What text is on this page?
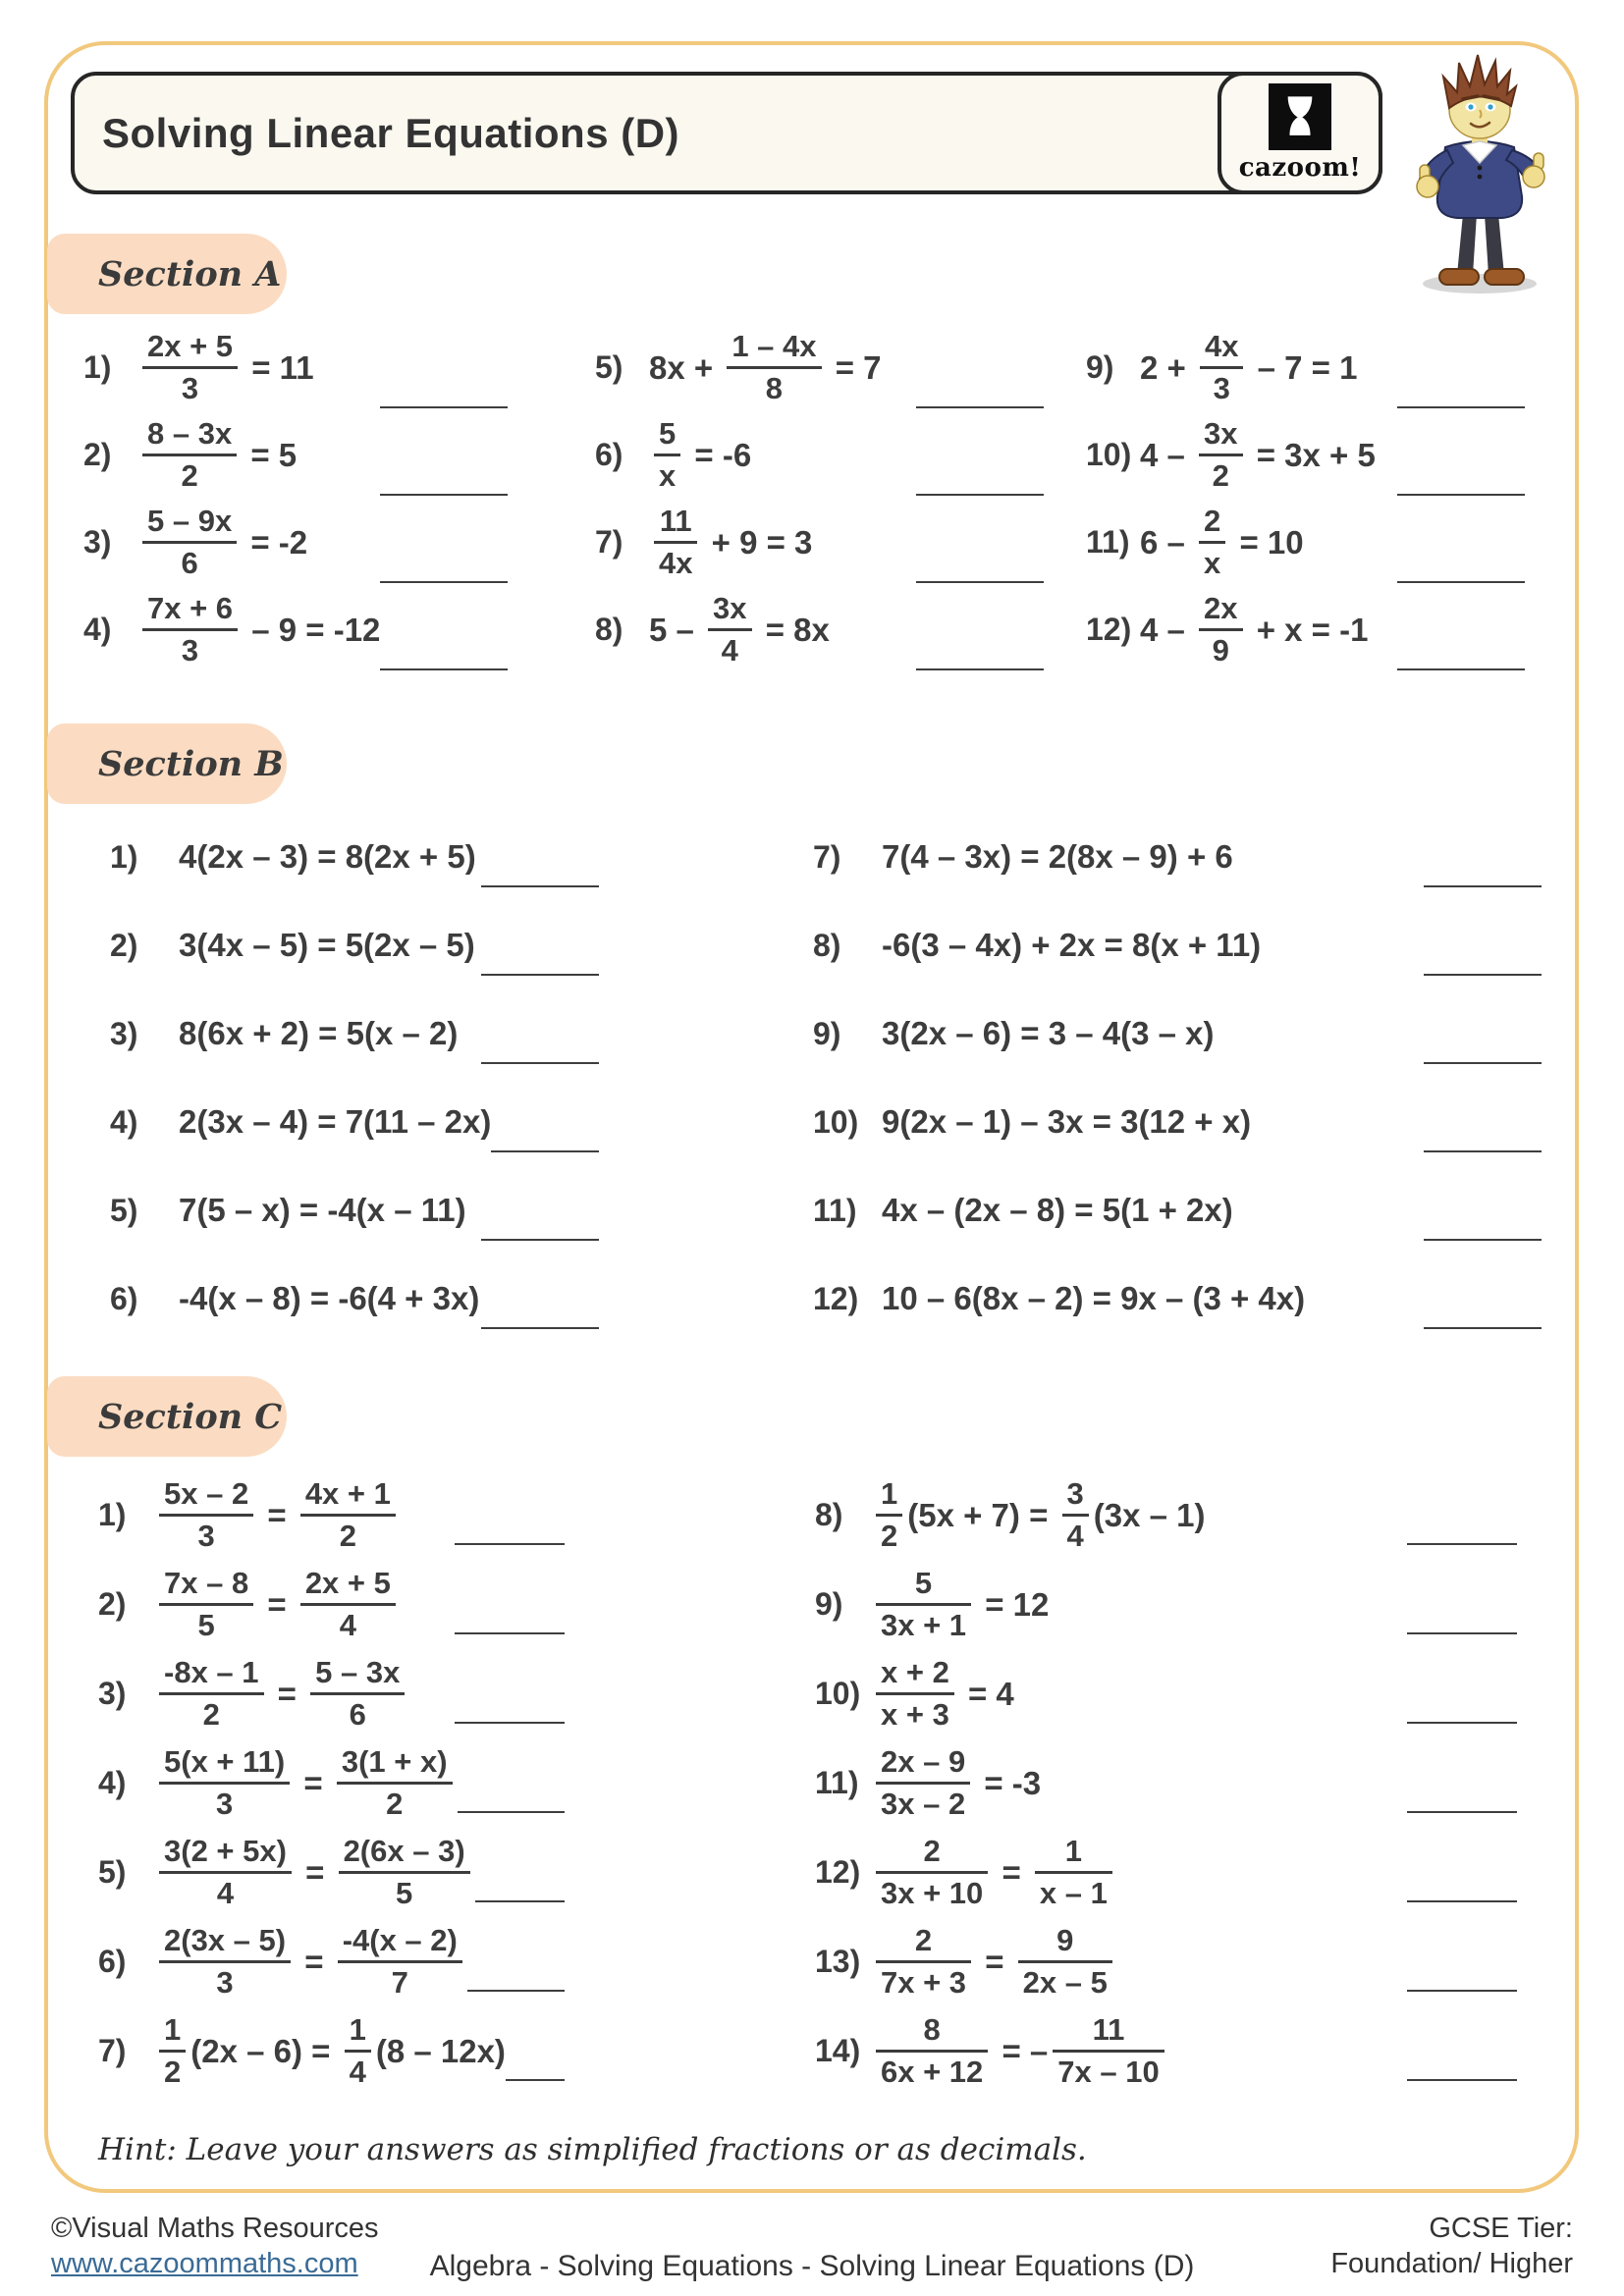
Solving Linear Equations (D)
cazoom!
Section A
1)	$\frac{2x + 5}{3} = 11$
2)	$\frac{8 - 3x}{2} = 5$
3)	$\frac{5 - 9x}{6} = -2$
4)	$\frac{7x + 6}{3} - 9 = -12$
5) $8x + \frac{1 - 4x}{8} = 7$
6)	$\frac{5}{x} = -6$
7)	$\frac{11}{4x} + 9 = 3$
8) $5 - \frac{3x}{4} = 8x$
9) $2 + \frac{4x}{3} - 7 = 1$
10) $4 - \frac{3x}{2} = 3x + 5$
11) $6 - \frac{2}{x} = 10$
12) $4 - \frac{2x}{9} + x = -1$
Section B
1)	4(2x – 3) = 8(2x + 5)
2)	3(4x – 5) = 5(2x – 5)
3)	8(6x + 2) = 5(x – 2)
4)	2(3x – 4) = 7(11 – 2x)
5)	7(5 – x) = -4(x – 11)
6)	-4(x – 8) = -6(4 + 3x)
7)	7(4 – 3x) = 2(8x – 9) + 6
8)	-6(3 – 4x) + 2x = 8(x + 11)
9)	3(2x – 6) = 3 – 4(3 – x)
10) 9(2x – 1) – 3x = 3(12 + x)
11) 4x – (2x – 8) = 5(1 + 2x)
12) 10 – 6(8x – 2) = 9x – (3 + 4x)
Section C
1)	$\frac{5x - 2}{3} = \frac{4x + 1}{2}$
2)	$\frac{7x - 8}{5} = \frac{2x + 5}{4}$
3)	$\frac{-8x - 1}{2} = \frac{5 - 3x}{6}$
4)	$\frac{5(x + 11)}{3} = \frac{3(1 + x)}{2}$
5)	$\frac{3(2 + 5x)}{4} = \frac{2(6x - 3)}{5}$
6)	$\frac{2(3x - 5)}{3} = \frac{-4(x - 2)}{7}$
7)	$\frac{1}{2} (2x - 6) = \frac{1}{4} (8 - 12x)$
8)	$\frac{1}{2} (5x + 7) = \frac{3}{4} (3x - 1)$
9)	$\frac{5}{3x + 1} = 12$
$10) \frac{x + 2}{x + 3} = 4$
$11) \frac{2x - 9}{3x - 2} = -3$
$12) \frac{2}{3x + 10} = \frac{1}{x - 1}$
$13) \frac{2}{7x + 3} = \frac{9}{2x - 5}$
$14) \frac{8}{6x + 12}$ = – $\frac{11}{7x - 10}$
Hint: Leave your answers as simplified fractions or as decimals.
©Visual Maths Resources
www.cazoommaths.com	Algebra - Solving Equations - Solving Linear Equations (D)
GCSE Tier:
Foundation/ Higher
